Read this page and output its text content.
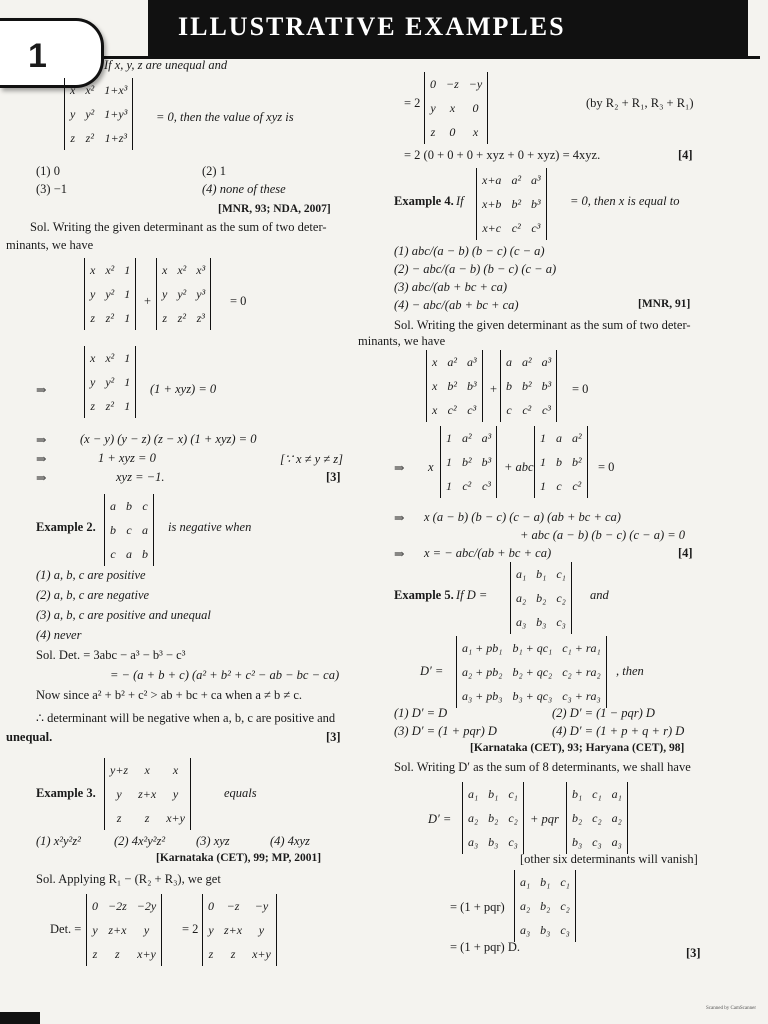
ILLUSTRATIVE EXAMPLES
1	If x, y, z are unequal and
x	x²	1+x³
y	y²	1+y³
z	z²	1+z³
= 0, then the value of xyz is
(1) 0	(2) 1
(3) −1	(4) none of these
[MNR, 93; NDA, 2007]
Sol. Writing the given determinant as the sum of two deter-
minants, we have
x	x²	1
y	y²	1
z	z²	1
+
x	x²	x³
y	y²	y³
z	z²	z³
= 0
⇒
x	x²	1
y	y²	1
z	z²	1
(1 + xyz) = 0
⇒	(x − y) (y − z) (z − x) (1 + xyz) = 0
⇒	1 + xyz = 0	[∵ x ≠ y ≠ z]
⇒	xyz = −1.	[3]
Example 2.
a	b	c
b	c	a
c	a	b
is negative when
(1) a, b, c are positive
(2) a, b, c are negative
(3) a, b, c are positive and unequal
(4) never
Sol. Det. = 3abc − a³ − b³ − c³
= − (a + b + c) (a² + b² + c² − ab − bc − ca)
Now since a² + b² + c² > ab + bc + ca when a ≠ b ≠ c.
∴ determinant will be negative when a, b, c are positive and
unequal.	[3]
Example 3.
y+z	x	x
y	z+x	y
z	z	x+y
equals
(1) x²y²z²	(2) 4x²y²z² (3) xyz	(4) 4xyz
[Karnataka (CET), 99; MP, 2001]
Sol. Applying R₁ − (R₂ + R₃), we get
Det. =
0	−2z	−2y
y	z+x	y
z	z	x+y
= 2
0	−z	−y
y	z+x	y
z	z	x+y
= 2
0	−z	−y
y	x	0
z	0	x
(by R₂ + R₁, R₃ + R₁)
= 2 (0 + 0 + 0 + xyz + 0 + xyz) = 4xyz.	[4]
Example 4. If
x+a	a²	a³
x+b	b²	b³
x+c	c²	c³
= 0, then x is equal to
(1) abc/(a − b) (b − c) (c − a)
(2) − abc/(a − b) (b − c) (c − a)
(3) abc/(ab + bc + ca)
(4) − abc/(ab + bc + ca)	[MNR, 91]
Sol. Writing the given determinant as the sum of two deter-
minants, we have
x	a²	a³
x	b²	b³
x	c²	c³
+
a	a²	a³
b	b²	b³
c	c²	c³
= 0
⇒ x
1	a²	a³
1	b²	b³
1	c²	c³
+ abc
1	a	a²
1	b	b²
1	c	c²
= 0
⇒ x (a − b) (b − c) (c − a) (ab + bc + ca)
+ abc (a − b) (b − c) (c − a) = 0
⇒ x = − abc/(ab + bc + ca)	[4]
Example 5. If D =
a₁	b₁	c₁
a₂	b₂	c₂
a₃	b₃	c₃
and
D′ =
a₁ + pb₁	b₁ + qc₁	c₁ + ra₁
a₂ + pb₂	b₂ + qc₂	c₂ + ra₂
a₃ + pb₃	b₃ + qc₃	c₃ + ra₃
, then
(1) D′ = D	(2) D′ = (1 − pqr) D
(3) D′ = (1 + pqr) D	(4) D′ = (1 + p + q + r) D
[Karnataka (CET), 93; Haryana (CET), 98]
Sol. Writing D′ as the sum of 8 determinants, we shall have
D′ =
a₁	b₁	c₁
a₂	b₂	c₂
a₃	b₃	c₃
+ pqr
b₁	c₁	a₁
b₂	c₂	a₂
b₃	c₃	a₃
[other six determinants will vanish]
= (1 + pqr)
a₁	b₁	c₁
a₂	b₂	c₂
a₃	b₃	c₃
= (1 + pqr) D.	[3]
Scanned by CamScanner
